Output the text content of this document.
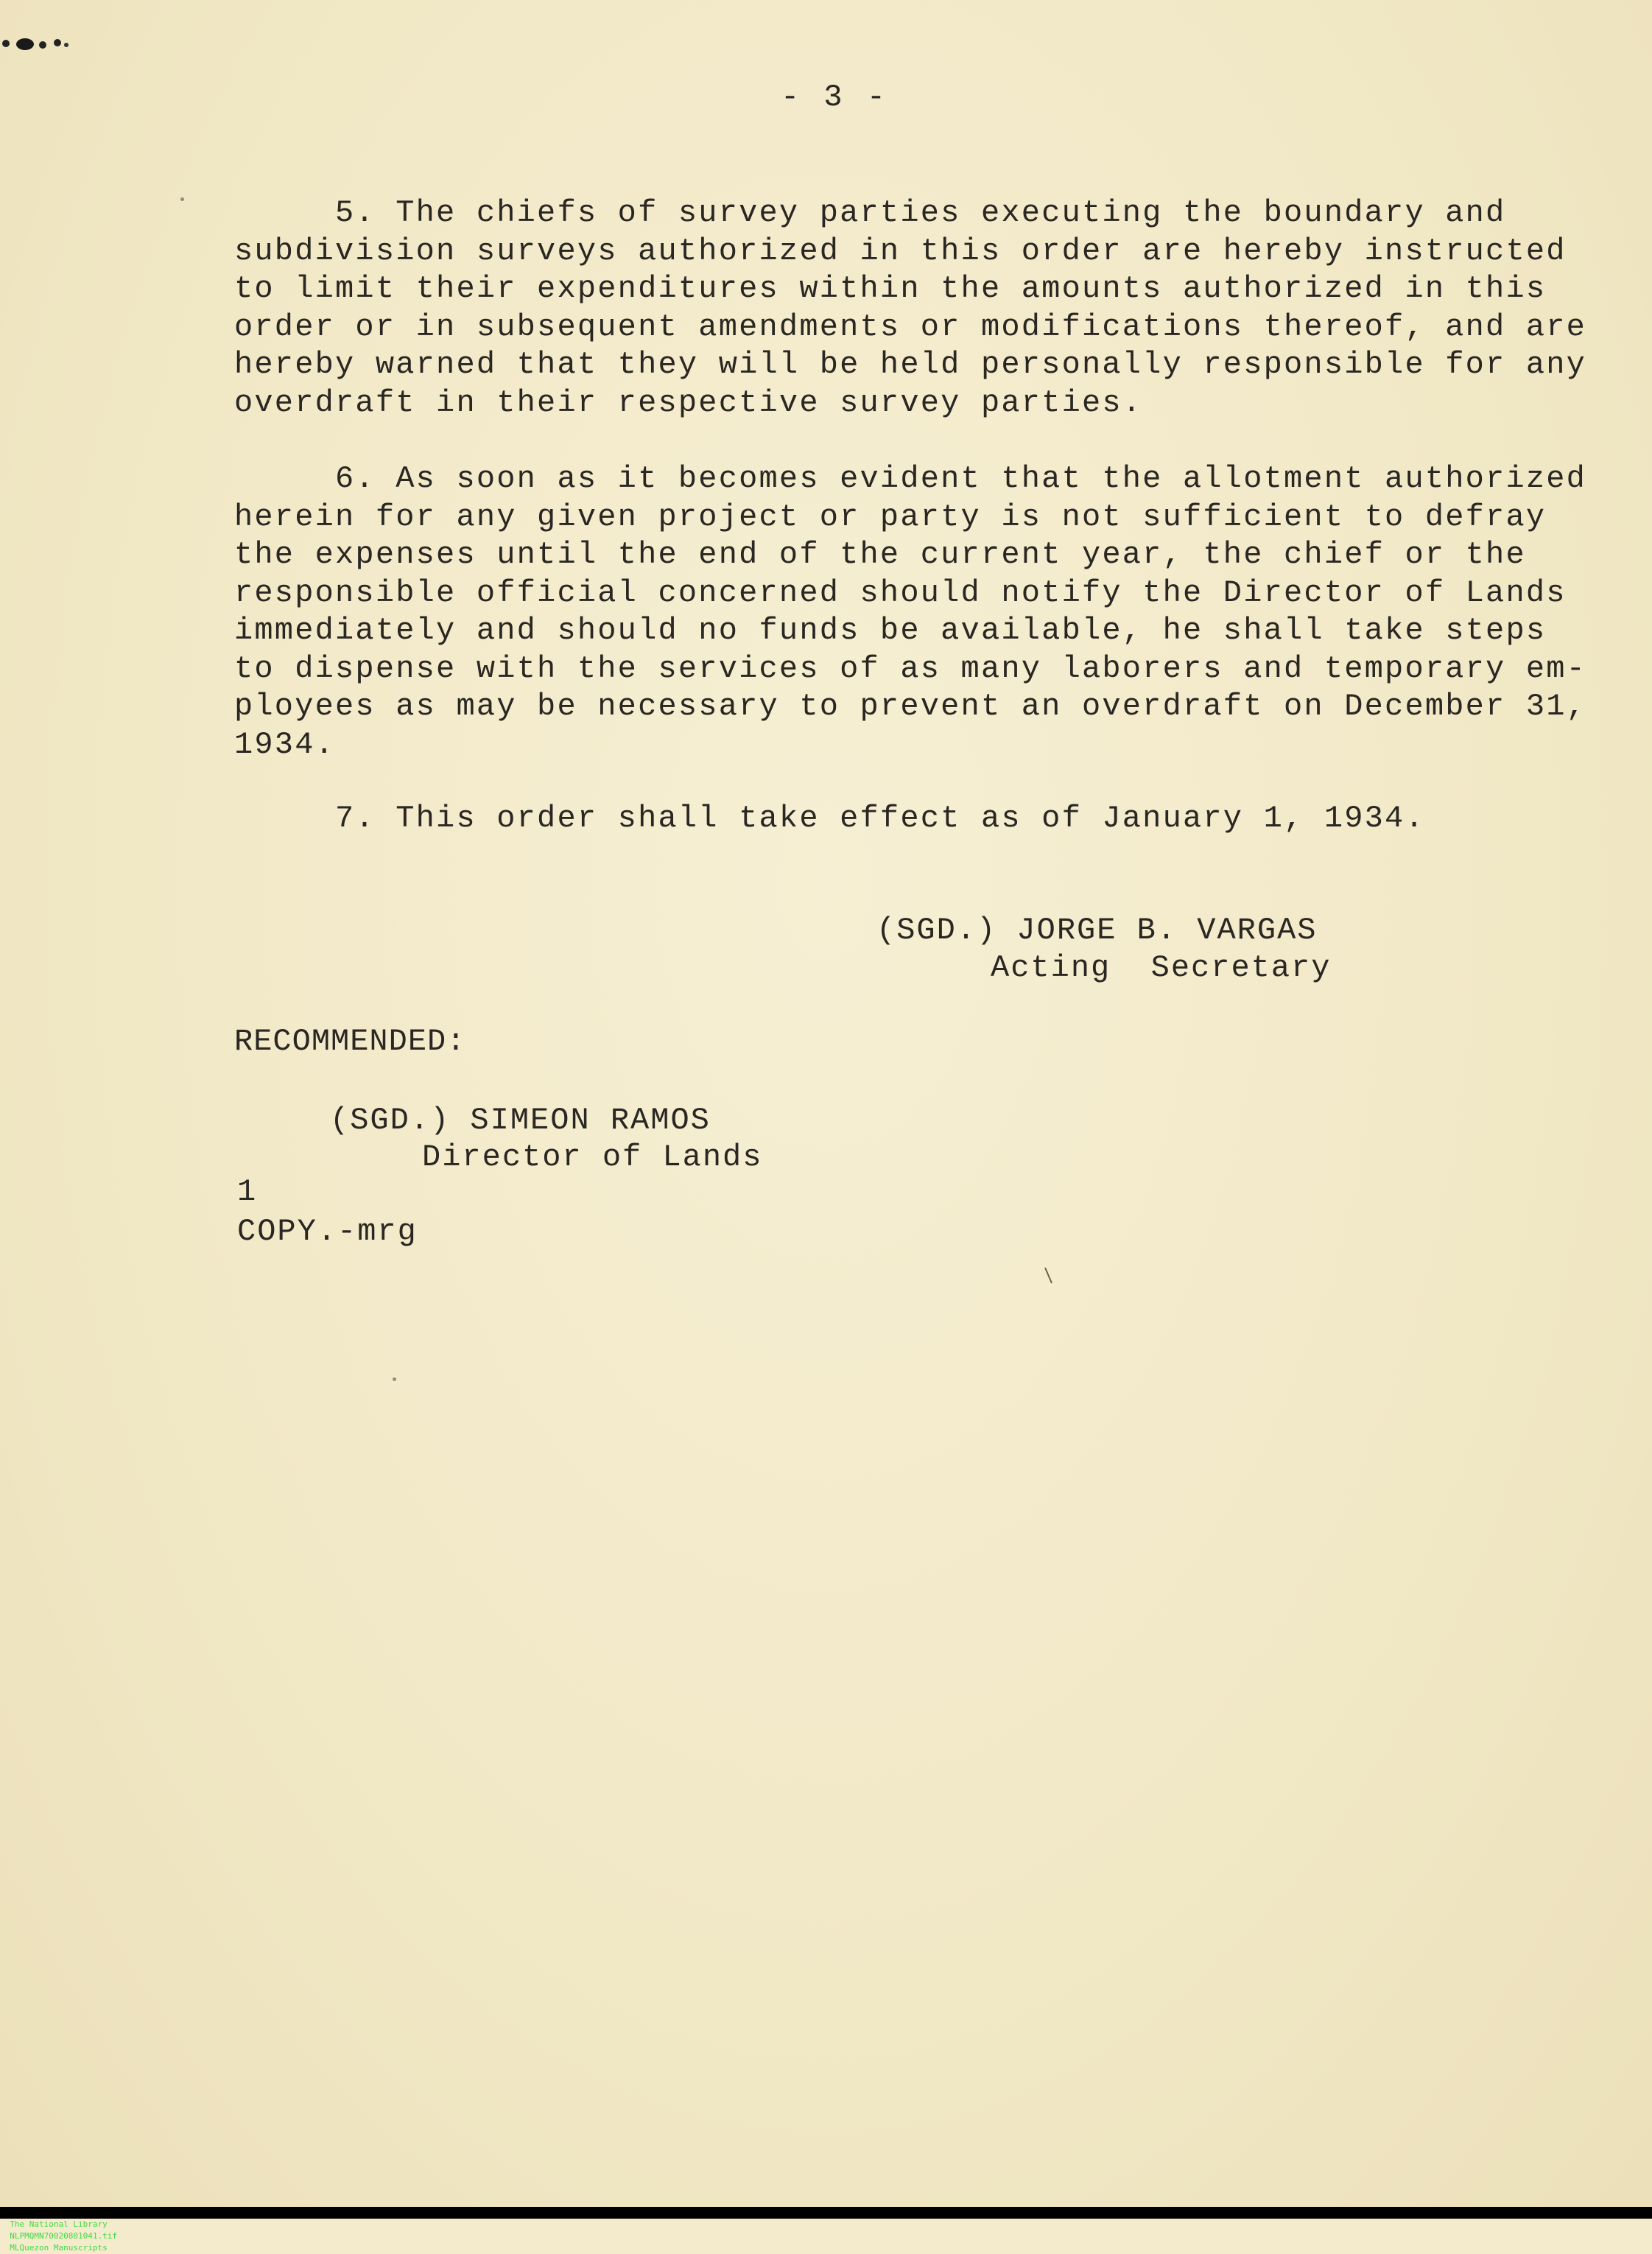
- 3 -
5. The chiefs of survey parties executing the boundary and
subdivision surveys authorized in this order are hereby instructed
to limit their expenditures within the amounts authorized in this
order or in subsequent amendments or modifications thereof, and are
hereby warned that they will be held personally responsible for any
overdraft in their respective survey parties.
6. As soon as it becomes evident that the allotment authorized
herein for any given project or party is not sufficient to defray
the expenses until the end of the current year, the chief or the
responsible official concerned should notify the Director of Lands
immediately and should no funds be available, he shall take steps
to dispense with the services of as many laborers and temporary em-
ployees as may be necessary to prevent an overdraft on December 31,
1934.
7. This order shall take effect as of January 1, 1934.
(SGD.) JORGE B. VARGAS
Acting  Secretary
RECOMMENDED:
(SGD.) SIMEON RAMOS
Director of Lands
1
COPY.-mrg

The National Library
NLPMQMN70020801041.tif
MLQuezon Manuscripts
